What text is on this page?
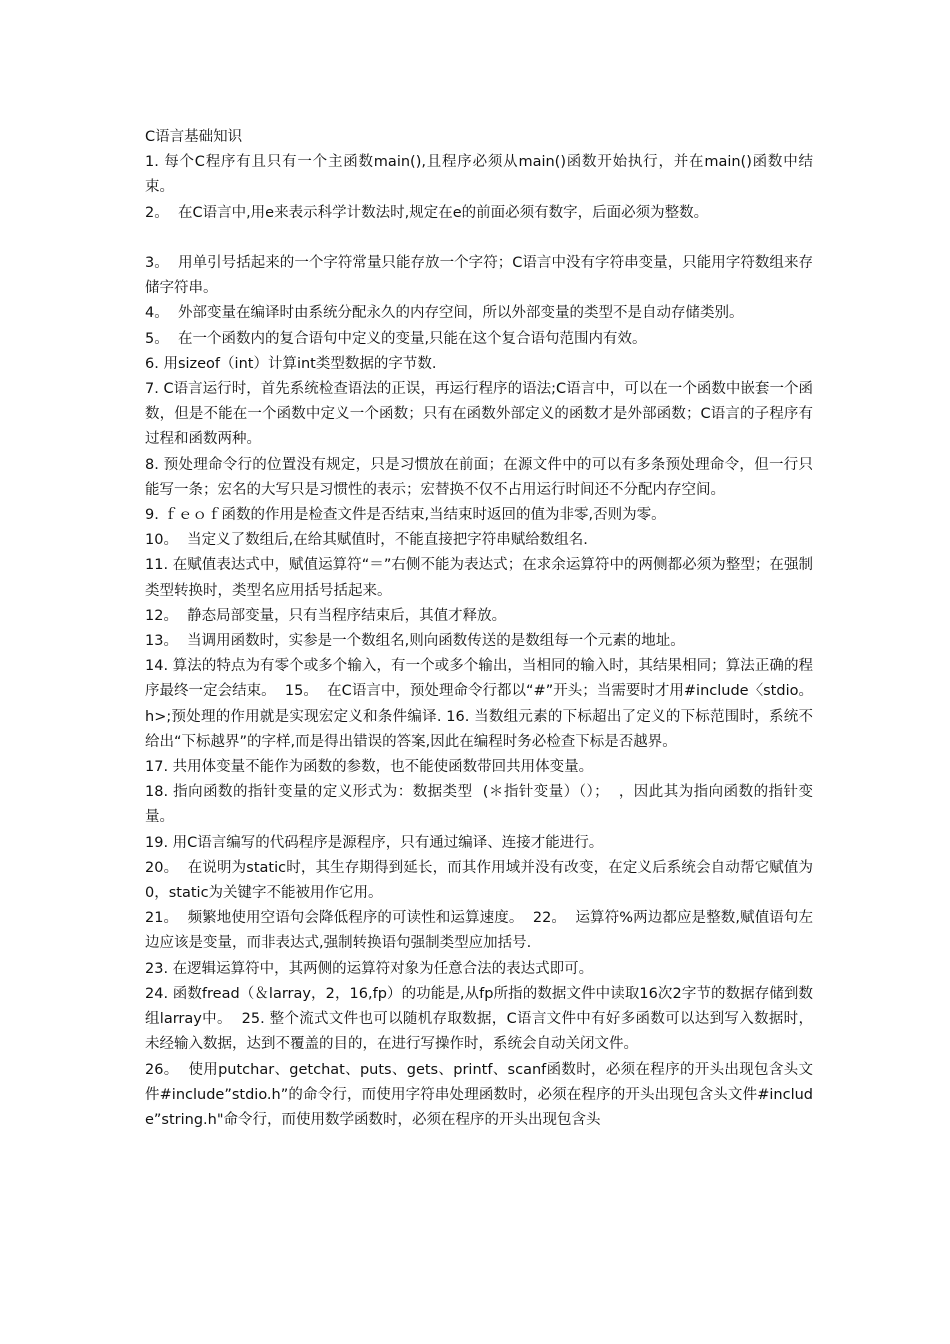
C语言基础知识

1. 每个C程序有且只有一个主函数main(),且程序必须从main()函数开始执行，并在main()函数中结束。

2。  在C语言中,用e来表示科学计数法时,规定在e的前面必须有数字，后面必须为整数。

3。  用单引号括起来的一个字符常量只能存放一个字符；C语言中没有字符串变量，只能用字符数组来存储字符串。

4。  外部变量在编译时由系统分配永久的内存空间，所以外部变量的类型不是自动存储类别。

5。  在一个函数内的复合语句中定义的变量,只能在这个复合语句范围内有效。

6. 用sizeof（int）计算int类型数据的字节数.

7. C语言运行时，首先系统检查语法的正误，再运行程序的语法;C语言中，可以在一个函数中嵌套一个函数，但是不能在一个函数中定义一个函数；只有在函数外部定义的函数才是外部函数；C语言的子程序有过程和函数两种。

8. 预处理命令行的位置没有规定，只是习惯放在前面；在源文件中的可以有多条预处理命令，但一行只能写一条；宏名的大写只是习惯性的表示；宏替换不仅不占用运行时间还不分配内存空间。

9. ｆｅｏｆ函数的作用是检查文件是否结束,当结束时返回的值为非零,否则为零。

10。  当定义了数组后,在给其赋值时，不能直接把字符串赋给数组名.

11. 在赋值表达式中，赋值运算符“＝”右侧不能为表达式；在求余运算符中的两侧都必须为整型；在强制类型转换时，类型名应用括号括起来。

12。  静态局部变量，只有当程序结束后，其值才释放。

13。  当调用函数时，实参是一个数组名,则向函数传送的是数组每一个元素的地址。

14. 算法的特点为有零个或多个输入，有一个或多个输出，当相同的输入时，其结果相同；算法正确的程序最终一定会结束。  15。  在C语言中，预处理命令行都以“#”开头；当需要时才用#include〈stdio。h>;预处理的作用就是实现宏定义和条件编译. 16. 当数组元素的下标超出了定义的下标范围时，系统不给出“下标越界”的字样,而是得出错误的答案,因此在编程时务必检查下标是否越界。

17. 共用体变量不能作为函数的参数，也不能使函数带回共用体变量。

18. 指向函数的指针变量的定义形式为：数据类型  (＊指针变量）（）；  ，因此其为指向函数的指针变量。

19. 用C语言编写的代码程序是源程序，只有通过编译、连接才能进行。

20。  在说明为static时，其生存期得到延长，而其作用域并没有改变，在定义后系统会自动帮它赋值为0，static为关键字不能被用作它用。

21。  频繁地使用空语句会降低程序的可读性和运算速度。  22。  运算符%两边都应是整数,赋值语句左边应该是变量，而非表达式,强制转换语句强制类型应加括号.

23. 在逻辑运算符中，其两侧的运算符对象为任意合法的表达式即可。

24. 函数fread（＆larray，2，16,fp）的功能是,从fp所指的数据文件中读取16次2字节的数据存储到数组larray中。  25. 整个流式文件也可以随机存取数据，C语言文件中有好多函数可以达到写入数据时，未经输入数据，达到不覆盖的目的，在进行写操作时，系统会自动关闭文件。

26。  使用putchar、getchat、puts、gets、printf、scanf函数时，必须在程序的开头出现包含头文件#include”stdio.h”的命令行，而使用字符串处理函数时，必须在程序的开头出现包含头文件#include”string.h"命令行，而使用数学函数时，必须在程序的开头出现包含头
